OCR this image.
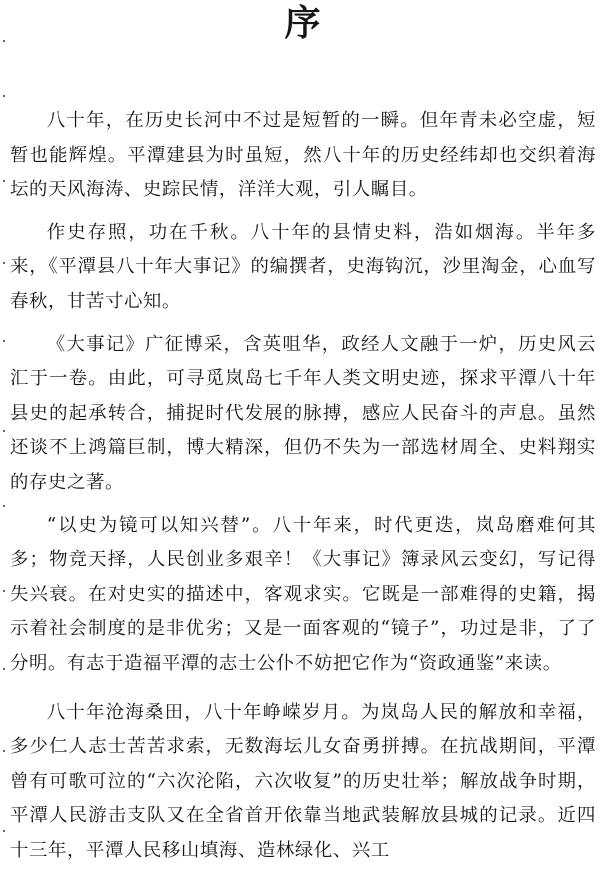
序

八十年，在历史长河中不过是短暂的一瞬。但年青未必空虚，短暂也能辉煌。平潭建县为时虽短，然八十年的历史经纬却也交织着海坛的天风海涛、史踪民情，洋洋大观，引人瞩目。

作史存照，功在千秋。八十年的县情史料，浩如烟海。半年多来，《平潭县八十年大事记》的编撰者，史海钩沉，沙里淘金，心血写春秋，甘苦寸心知。

《大事记》广征博采，含英咀华，政经人文融于一炉，历史风云汇于一卷。由此，可寻觅岚岛七千年人类文明史迹，探求平潭八十年县史的起承转合，捕捉时代发展的脉搏，感应人民奋斗的声息。虽然还谈不上鸿篇巨制，博大精深，但仍不失为一部选材周全、史料翔实的存史之著。

“以史为镜可以知兴替”。八十年来，时代更迭，岚岛磨难何其多；物竞天择，人民创业多艰辛！《大事记》簿录风云变幻，写记得失兴衰。在对史实的描述中，客观求实。它既是一部难得的史籍，揭示着社会制度的是非优劣；又是一面客观的“镜子”，功过是非，了了分明。有志于造福平潭的志士公仆不妨把它作为“资政通鉴”来读。

八十年沧海桑田，八十年峥嵘岁月。为岚岛人民的解放和幸福，多少仁人志士苦苦求索，无数海坛儿女奋勇拼搏。在抗战期间，平潭曾有可歌可泣的“六次沦陷，六次收复”的历史壮举；解放战争时期，平潭人民游击支队又在全省首开依靠当地武装解放县城的记录。近四十三年，平潭人民移山填海、造林绿化、兴工
